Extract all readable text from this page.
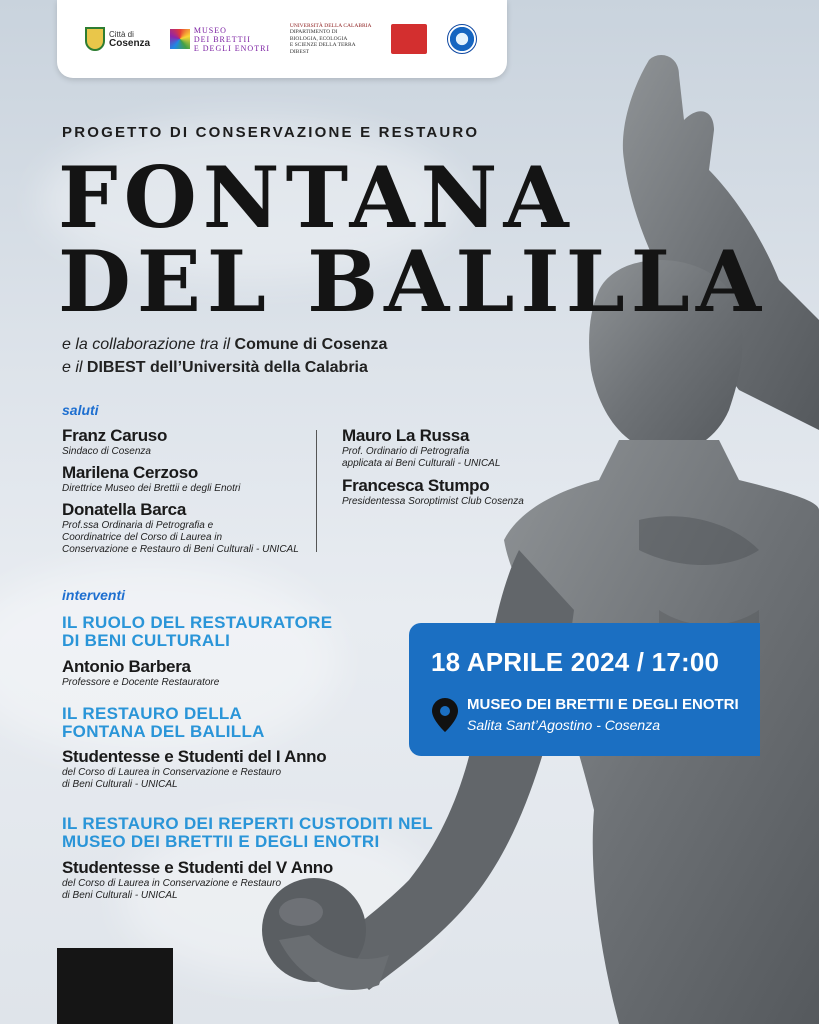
Città di
Cosenza
MUSEO
DEI BRETTII
E DEGLI ENOTRI
UNIVERSITÀ DELLA CALABRIA
DIPARTIMENTO DI
BIOLOGIA, ECOLOGIA
E SCIENZE DELLA TERRA
DIBEST
PROGETTO DI CONSERVAZIONE E RESTAURO
FONTANA
DEL BALILLA
e la collaborazione tra il Comune di Cosenza
e il DIBEST dell’Università della Calabria
saluti
Franz Caruso
Sindaco di Cosenza
Marilena Cerzoso
Direttrice Museo dei Brettii e degli Enotri
Donatella Barca
Prof.ssa Ordinaria di Petrografia e
Coordinatrice del Corso di Laurea in
Conservazione e Restauro di Beni Culturali - UNICAL
Mauro La Russa
Prof. Ordinario di Petrografia
applicata ai Beni Culturali - UNICAL
Francesca Stumpo
Presidentessa Soroptimist Club Cosenza
interventi
IL RUOLO DEL RESTAURATORE
DI BENI CULTURALI
Antonio Barbera
Professore e Docente Restauratore
IL RESTAURO DELLA
FONTANA DEL BALILLA
Studentesse e Studenti del I Anno
del Corso di Laurea in Conservazione e Restauro
di Beni Culturali - UNICAL
IL RESTAURO DEI REPERTI CUSTODITI NEL
MUSEO DEI BRETTII E DEGLI ENOTRI
Studentesse e Studenti del V Anno
del Corso di Laurea in Conservazione e Restauro
di Beni Culturali - UNICAL
18 APRILE 2024 / 17:00
MUSEO DEI BRETTII E DEGLI ENOTRI
Salita Sant’Agostino - Cosenza
